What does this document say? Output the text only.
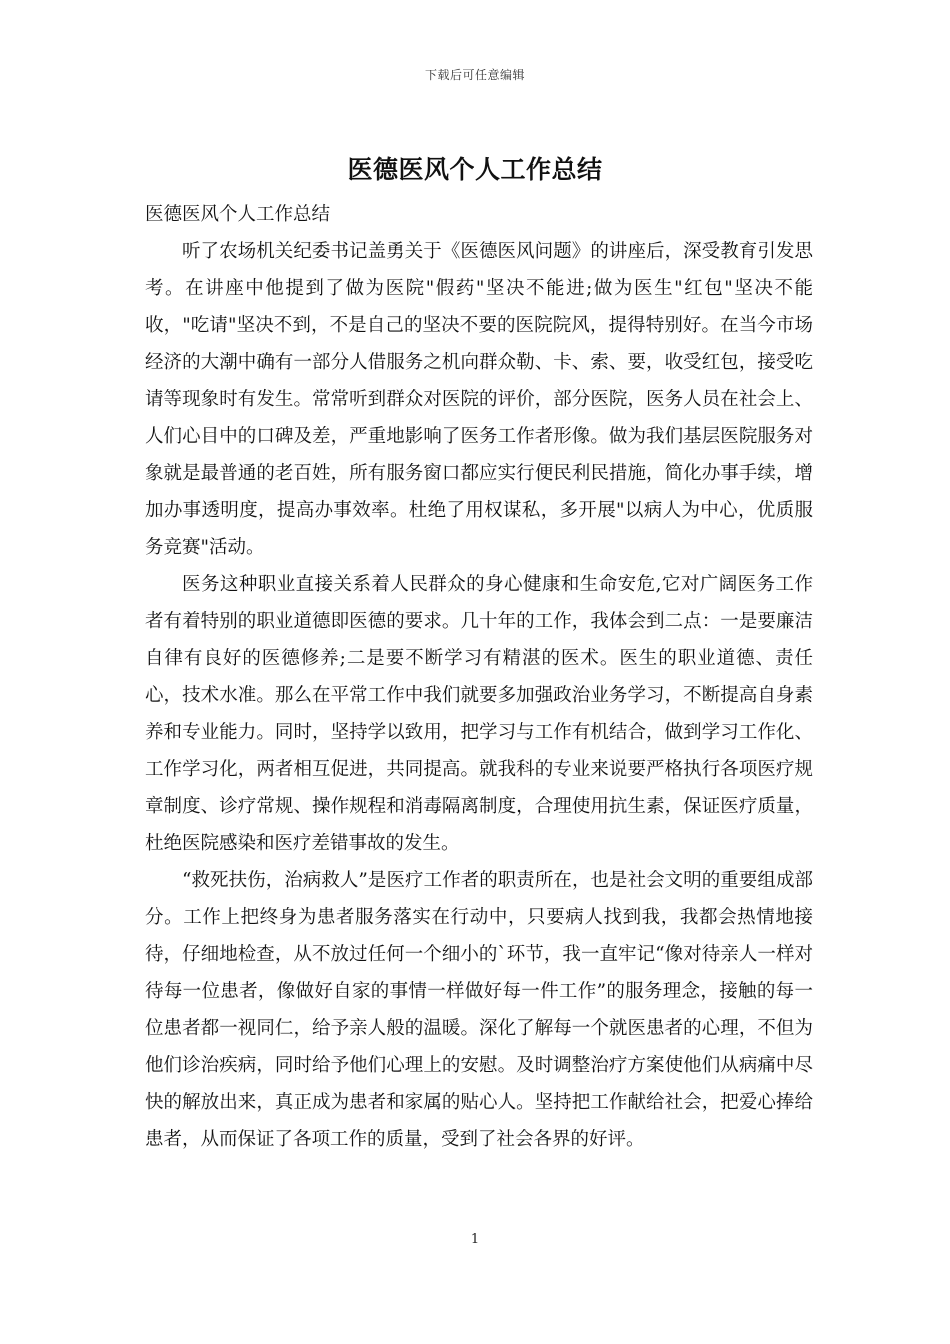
下载后可任意编辑
医德医风个人工作总结

医德医风个人工作总结

听了农场机关纪委书记盖勇关于《医德医风问题》的讲座后，深受教育引发思考。在讲座中他提到了做为医院"假药"坚决不能进;做为医生"红包"坚决不能收，"吃请"坚决不到，不是自己的坚决不要的医院院风，提得特别好。在当今市场经济的大潮中确有一部分人借服务之机向群众勒、卡、索、要，收受红包，接受吃请等现象时有发生。常常听到群众对医院的评价，部分医院，医务人员在社会上、人们心目中的口碑及差，严重地影响了医务工作者形像。做为我们基层医院服务对象就是最普通的老百姓，所有服务窗口都应实行便民利民措施，简化办事手续，增加办事透明度，提高办事效率。杜绝了用权谋私，多开展"以病人为中心，优质服务竞赛"活动。

医务这种职业直接关系着人民群众的身心健康和生命安危,它对广阔医务工作者有着特别的职业道德即医德的要求。几十年的工作，我体会到二点：一是要廉洁自律有良好的医德修养;二是要不断学习有精湛的医术。医生的职业道德、责任心，技术水准。那么在平常工作中我们就要多加强政治业务学习，不断提高自身素养和专业能力。同时，坚持学以致用，把学习与工作有机结合，做到学习工作化、工作学习化，两者相互促进，共同提高。就我科的专业来说要严格执行各项医疗规章制度、诊疗常规、操作规程和消毒隔离制度，合理使用抗生素，保证医疗质量，杜绝医院感染和医疗差错事故的发生。

“救死扶伤，治病救人”是医疗工作者的职责所在，也是社会文明的重要组成部分。工作上把终身为患者服务落实在行动中，只要病人找到我，我都会热情地接待，仔细地检查，从不放过任何一个细小的`环节，我一直牢记“像对待亲人一样对待每一位患者，像做好自家的事情一样做好每一件工作”的服务理念，接触的每一位患者都一视同仁，给予亲人般的温暖。深化了解每一个就医患者的心理，不但为他们诊治疾病，同时给予他们心理上的安慰。及时调整治疗方案使他们从病痛中尽快的解放出来，真正成为患者和家属的贴心人。坚持把工作献给社会，把爱心捧给患者，从而保证了各项工作的质量，受到了社会各界的好评。

1
